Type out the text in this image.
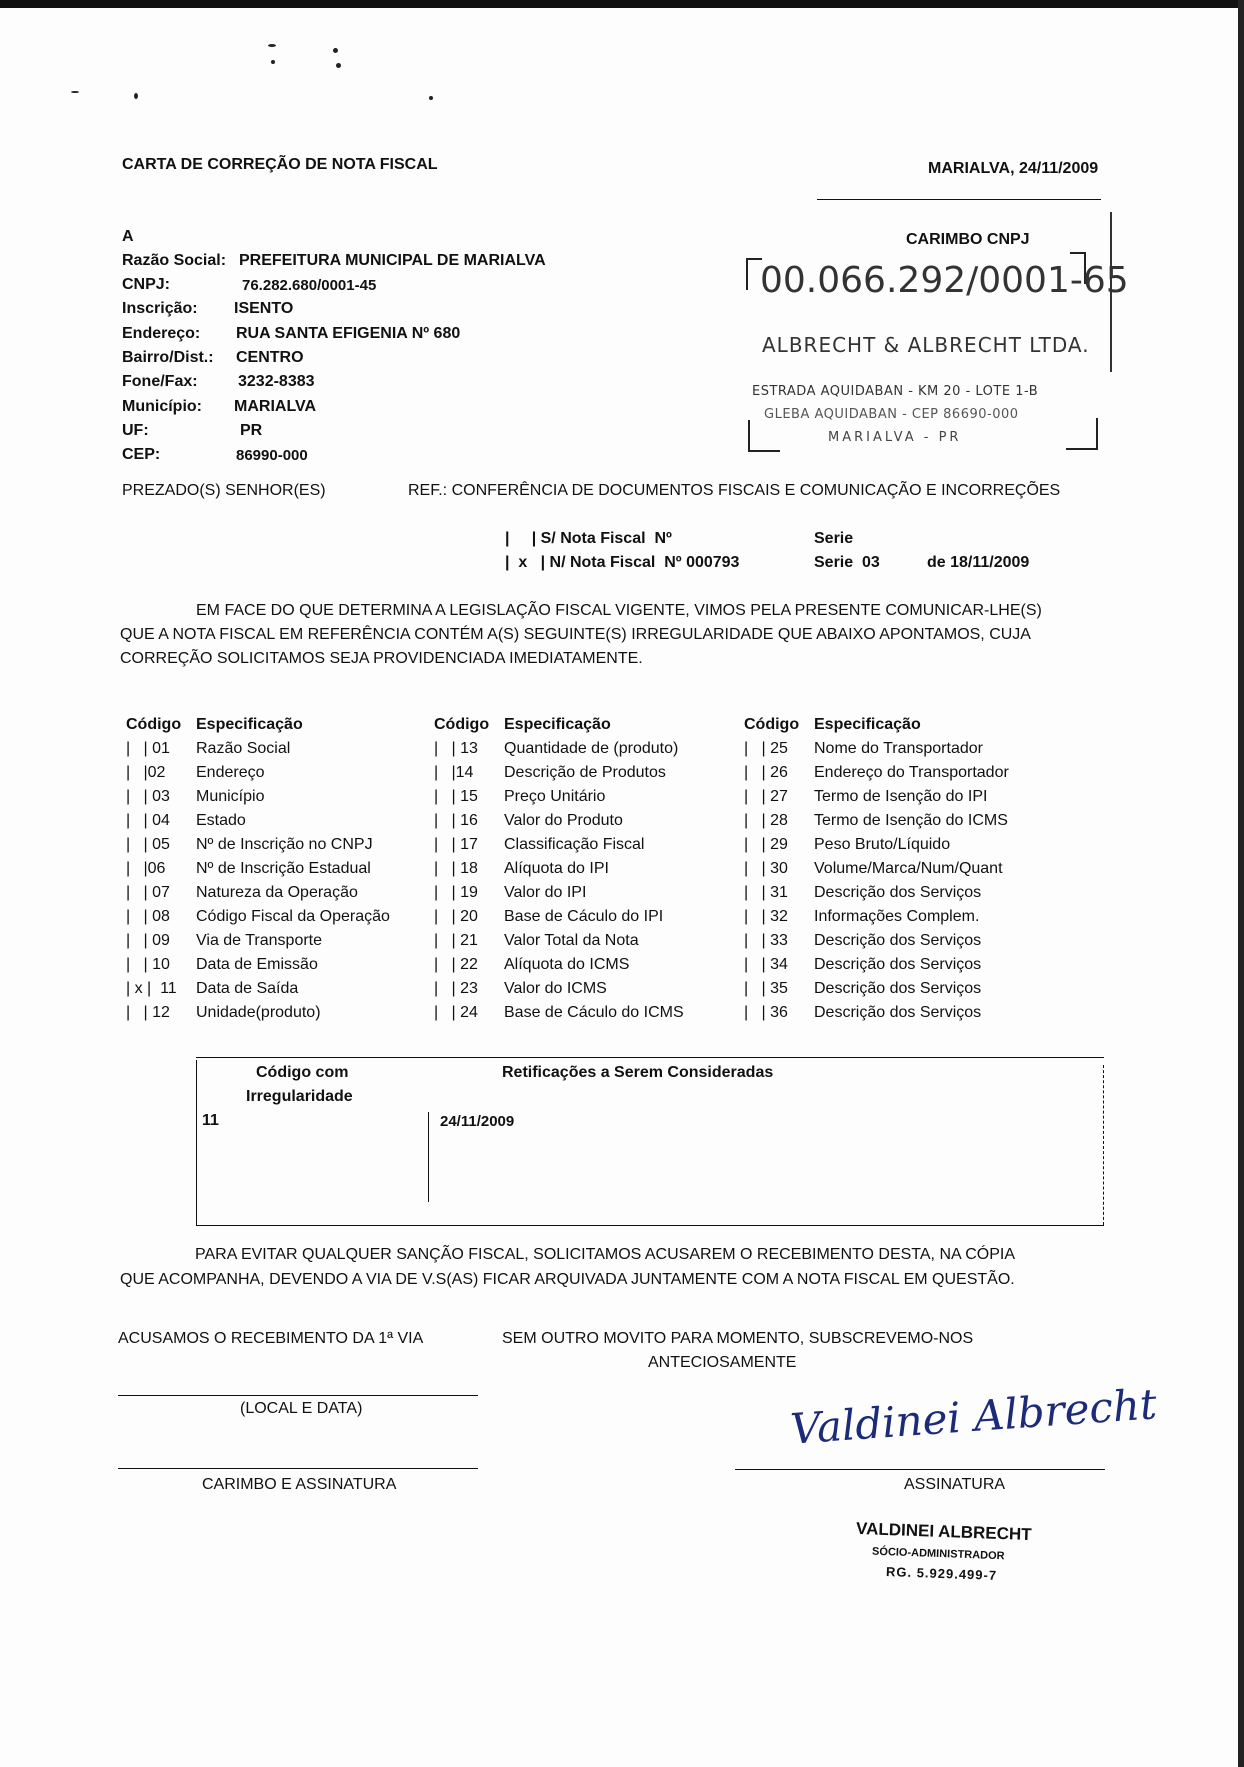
CARTA DE CORREÇÃO DE NOTA FISCAL	MARIALVA, 24/11/2009
A
Razão Social: PREFEITURA MUNICIPAL DE MARIALVA
CNPJ:	76.282.680/0001-45
Inscrição: ISENTO
Endereço: RUA SANTA EFIGENIA Nº 680
Bairro/Dist.: CENTRO
Fone/Fax:	3232-8383
Município: MARIALVA
UF:	PR
CEP:	86990-000
CARIMBO CNPJ
00.066.292/0001-65
ALBRECHT & ALBRECHT LTDA.
ESTRADA AQUIDABAN - KM 20 - LOTE 1-B
GLEBA AQUIDABAN - CEP 86690-000
MARIALVA - PR
PREZADO(S) SENHOR(ES)	REF.: CONFERÊNCIA DE DOCUMENTOS FISCAIS E COMUNICAÇÃO E INCORREÇÕES
|     | S/ Nota Fiscal  Nº	Serie
|  x   | N/ Nota Fiscal  Nº 000793	Serie  03	de 18/11/2009
EM FACE DO QUE DETERMINA A LEGISLAÇÃO FISCAL VIGENTE, VIMOS PELA PRESENTE COMUNICAR-LHE(S)
QUE A NOTA FISCAL EM REFERÊNCIA CONTÉM A(S) SEGUINTE(S) IRREGULARIDADE QUE ABAIXO APONTAMOS, CUJA
CORREÇÃO SOLICITAMOS SEJA PROVIDENCIADA IMEDIATAMENTE.
Código Especificação
|   | 01	Razão Social
|   |02	Endereço
|   | 03	Município
|   | 04	Estado
|   | 05	Nº de Inscrição no CNPJ
|   |06	Nº de Inscrição Estadual
|   | 07	Natureza da Operação
|   | 08	Código Fiscal da Operação
|   | 09	Via de Transporte
|   | 10	Data de Emissão
| x |  11	Data de Saída
|   | 12	Unidade(produto)
Código Especificação
|   | 13	Quantidade de (produto)
|   |14	Descrição de Produtos
|   | 15	Preço Unitário
|   | 16	Valor do Produto
|   | 17	Classificação Fiscal
|   | 18	Alíquota do IPI
|   | 19	Valor do IPI
|   | 20	Base de Cáculo do IPI
|   | 21	Valor Total da Nota
|   | 22	Alíquota do ICMS
|   | 23	Valor do ICMS
|   | 24	Base de Cáculo do ICMS
Código Especificação
|   | 25	Nome do Transportador
|   | 26	Endereço do Transportador
|   | 27	Termo de Isenção do IPI
|   | 28	Termo de Isenção do ICMS
|   | 29	Peso Bruto/Líquido
|   | 30	Volume/Marca/Num/Quant
|   | 31	Descrição dos Serviços
|   | 32	Informações Complem.
|   | 33	Descrição dos Serviços
|   | 34	Descrição dos Serviços
|   | 35	Descrição dos Serviços
|   | 36	Descrição dos Serviços
Código com
Irregularidade
Retificações a Serem Consideradas
11	24/11/2009
PARA EVITAR QUALQUER SANÇÃO FISCAL, SOLICITAMOS ACUSAREM O RECEBIMENTO DESTA, NA CÓPIA
QUE ACOMPANHA, DEVENDO A VIA DE V.S(AS) FICAR ARQUIVADA JUNTAMENTE COM A NOTA FISCAL EM QUESTÃO.
ACUSAMOS O RECEBIMENTO DA 1ª VIA	SEM OUTRO MOVITO PARA MOMENTO, SUBSCREVEMO-NOS
ANTECIOSAMENTE
(LOCAL E DATA)
CARIMBO E ASSINATURA
Valdinei Albrecht
ASSINATURA
VALDINEI ALBRECHT
SÓCIO-ADMINISTRADOR
RG. 5.929.499-7
